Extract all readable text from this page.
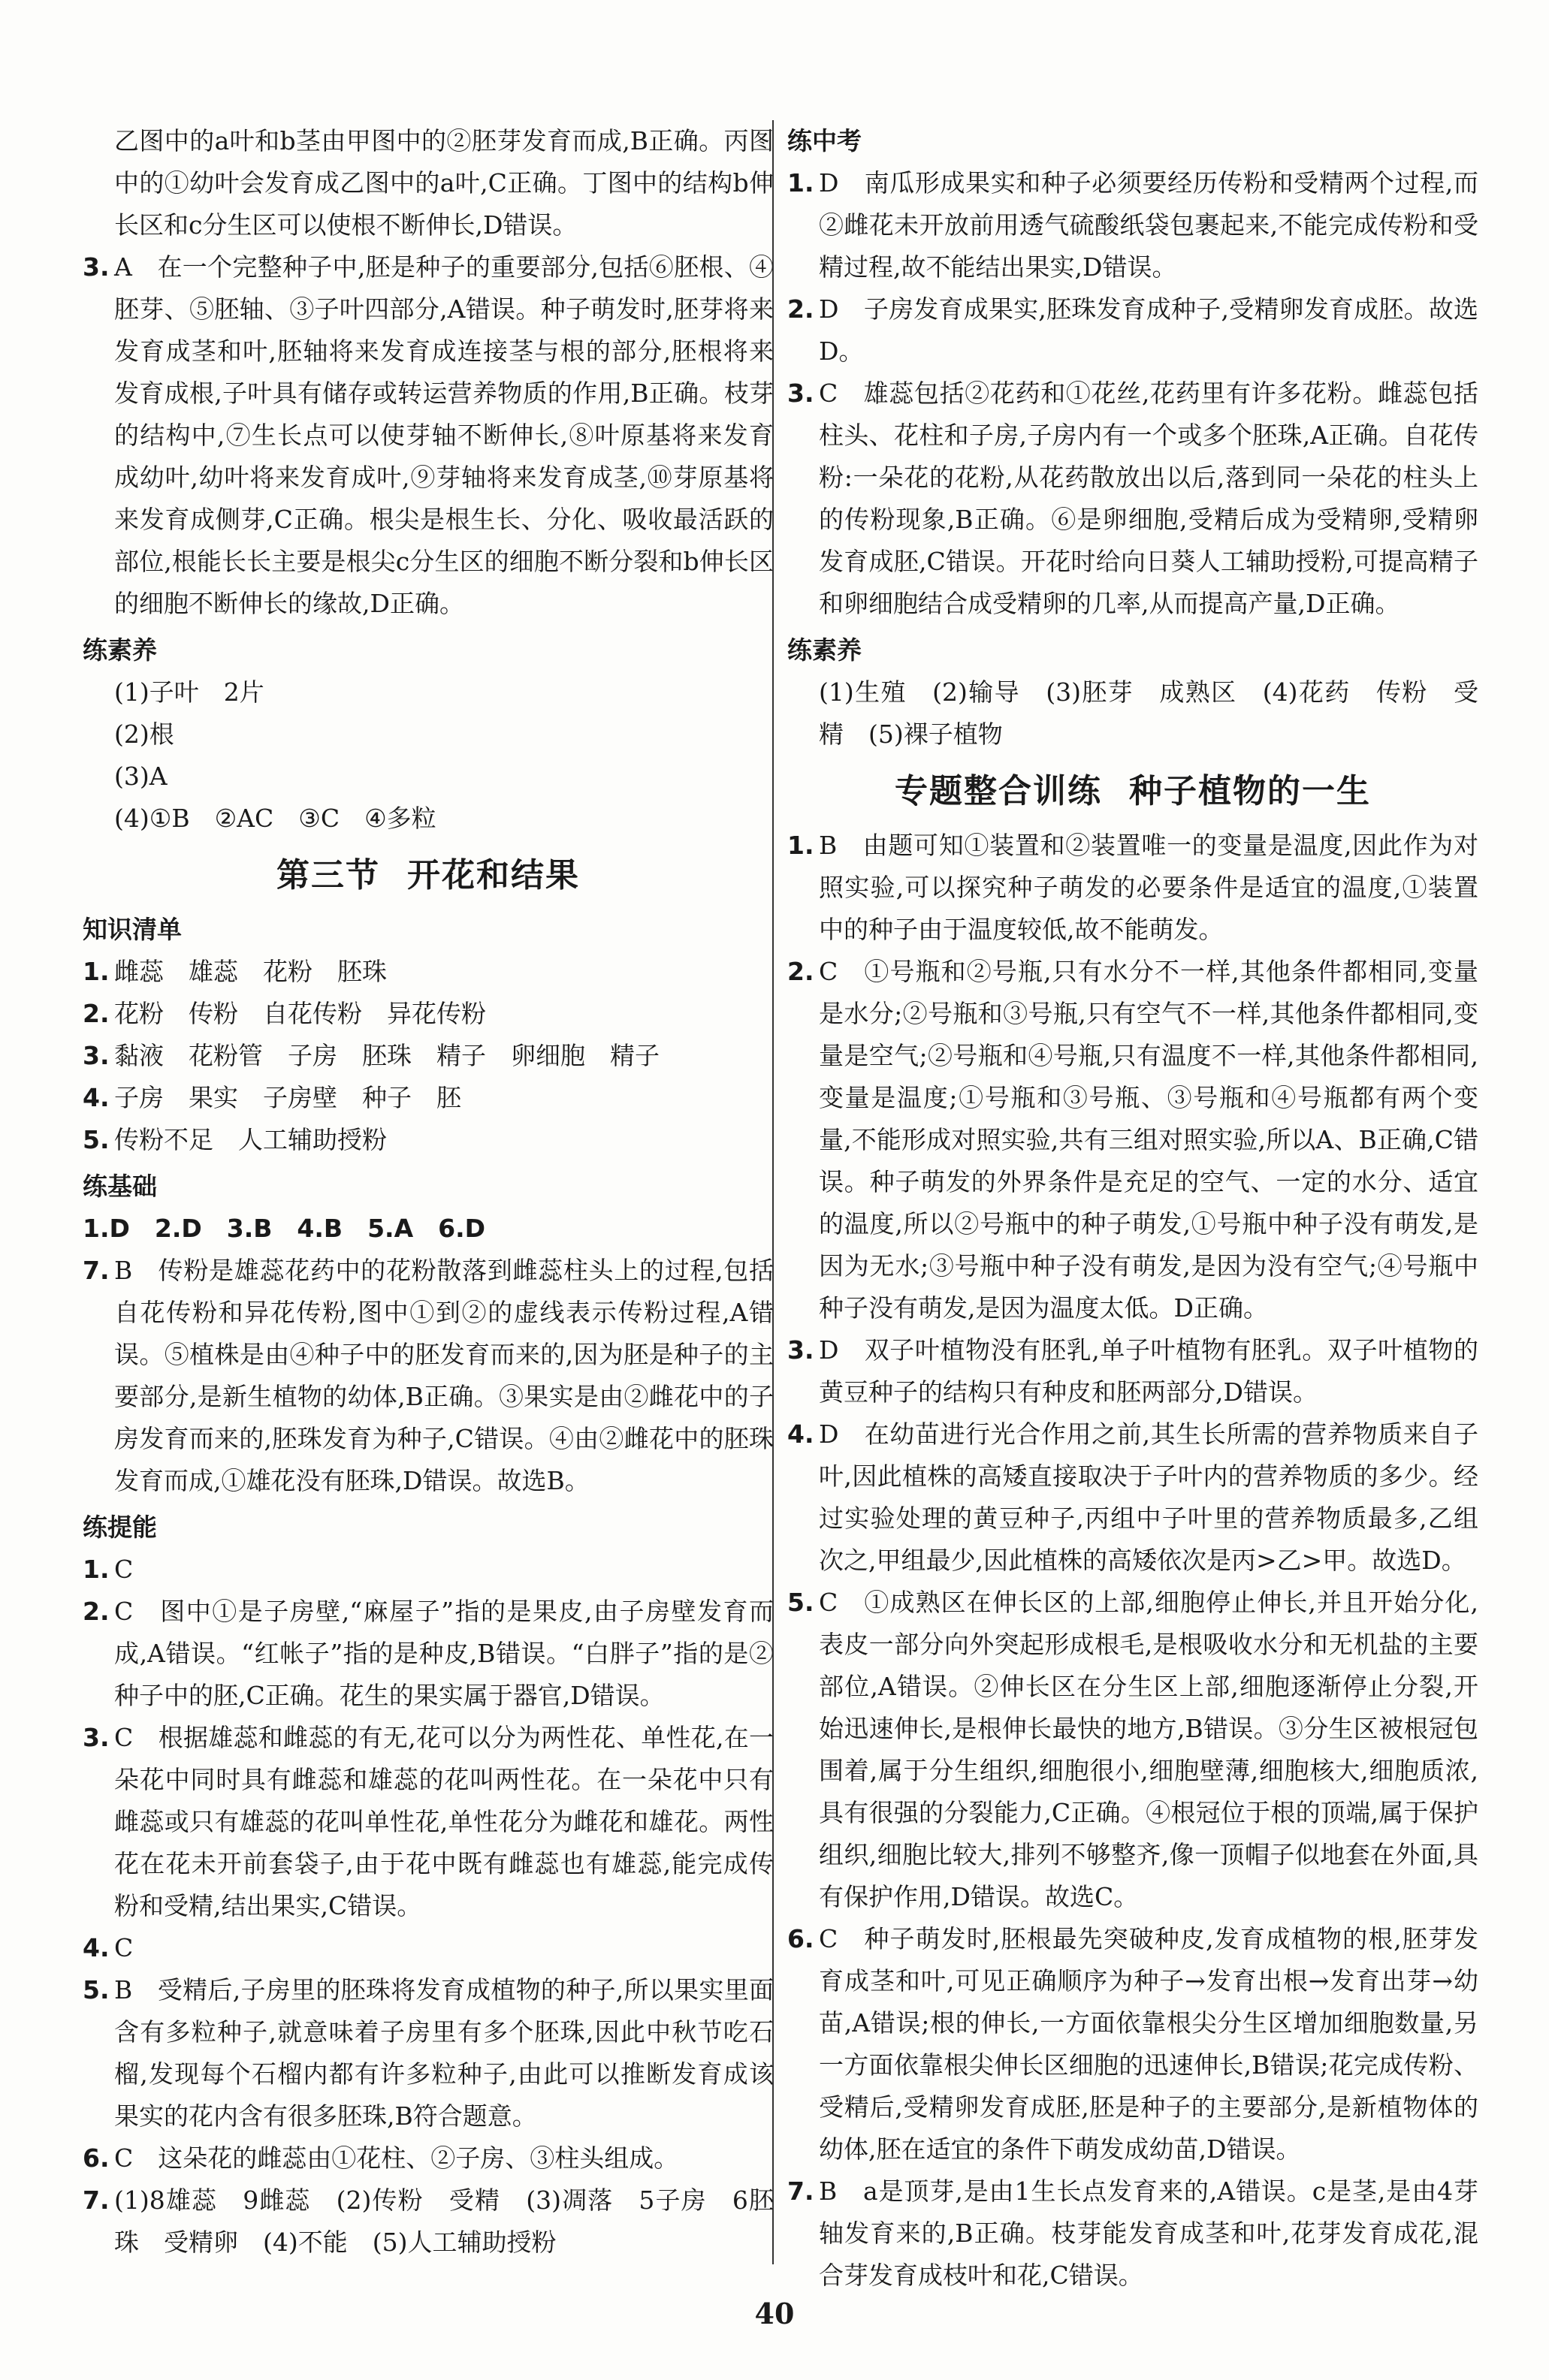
乙图中的a叶和b茎由甲图中的②胚芽发育而成,B正确。丙图中的①幼叶会发育成乙图中的a叶,C正确。丁图中的结构b伸长区和c分生区可以使根不断伸长,D错误。

3. A　在一个完整种子中,胚是种子的重要部分,包括⑥胚根、④胚芽、⑤胚轴、③子叶四部分,A错误。种子萌发时,胚芽将来发育成茎和叶,胚轴将来发育成连接茎与根的部分,胚根将来发育成根,子叶具有储存或转运营养物质的作用,B正确。枝芽的结构中,⑦生长点可以使芽轴不断伸长,⑧叶原基将来发育成幼叶,幼叶将来发育成叶,⑨芽轴将来发育成茎,⑩芽原基将来发育成侧芽,C正确。根尖是根生长、分化、吸收最活跃的部位,根能长长主要是根尖c分生区的细胞不断分裂和b伸长区的细胞不断伸长的缘故,D正确。
练素养

(1)子叶　2片

(2)根

(3)A

(4)①B　②AC　③C　④多粒

第三节 开花和结果
知识清单
1. 雌蕊　雄蕊　花粉　胚珠
2. 花粉　传粉　自花传粉　异花传粉
3. 黏液　花粉管　子房　胚珠　精子　卵细胞　精子
4. 子房　果实　子房壁　种子　胚
5. 传粉不足　人工辅助授粉
练基础

1.D　2.D　3.B　4.B　5.A　6.D

7. B　传粉是雄蕊花药中的花粉散落到雌蕊柱头上的过程,包括自花传粉和异花传粉,图中①到②的虚线表示传粉过程,A错误。⑤植株是由④种子中的胚发育而来的,因为胚是种子的主要部分,是新生植物的幼体,B正确。③果实是由②雌花中的子房发育而来的,胚珠发育为种子,C错误。④由②雌花中的胚珠发育而成,①雄花没有胚珠,D错误。故选B。
练提能
1. C
2. C　图中①是子房壁,“麻屋子”指的是果皮,由子房壁发育而成,A错误。“红帐子”指的是种皮,B错误。“白胖子”指的是②种子中的胚,C正确。花生的果实属于器官,D错误。
3. C　根据雄蕊和雌蕊的有无,花可以分为两性花、单性花,在一朵花中同时具有雌蕊和雄蕊的花叫两性花。在一朵花中只有雌蕊或只有雄蕊的花叫单性花,单性花分为雌花和雄花。两性花在花未开前套袋子,由于花中既有雌蕊也有雄蕊,能完成传粉和受精,结出果实,C错误。
4. C
5. B　受精后,子房里的胚珠将发育成植物的种子,所以果实里面含有多粒种子,就意味着子房里有多个胚珠,因此中秋节吃石榴,发现每个石榴内都有许多粒种子,由此可以推断发育成该果实的花内含有很多胚珠,B符合题意。
6. C　这朵花的雌蕊由①花柱、②子房、③柱头组成。
7. (1)8雄蕊　9雌蕊　(2)传粉　受精　(3)凋落　5子房　6胚珠　受精卵　(4)不能　(5)人工辅助授粉
练中考
1. D　南瓜形成果实和种子必须要经历传粉和受精两个过程,而②雌花未开放前用透气硫酸纸袋包裹起来,不能完成传粉和受精过程,故不能结出果实,D错误。
2. D　子房发育成果实,胚珠发育成种子,受精卵发育成胚。故选D。
3. C　雄蕊包括②花药和①花丝,花药里有许多花粉。雌蕊包括柱头、花柱和子房,子房内有一个或多个胚珠,A正确。自花传粉:一朵花的花粉,从花药散放出以后,落到同一朵花的柱头上的传粉现象,B正确。⑥是卵细胞,受精后成为受精卵,受精卵发育成胚,C错误。开花时给向日葵人工辅助授粉,可提高精子和卵细胞结合成受精卵的几率,从而提高产量,D正确。
练素养

(1)生殖　(2)输导　(3)胚芽　成熟区　(4)花药　传粉　受精　(5)裸子植物

专题整合训练 种子植物的一生
1. B　由题可知①装置和②装置唯一的变量是温度,因此作为对照实验,可以探究种子萌发的必要条件是适宜的温度,①装置中的种子由于温度较低,故不能萌发。
2. C　①号瓶和②号瓶,只有水分不一样,其他条件都相同,变量是水分;②号瓶和③号瓶,只有空气不一样,其他条件都相同,变量是空气;②号瓶和④号瓶,只有温度不一样,其他条件都相同,变量是温度;①号瓶和③号瓶、③号瓶和④号瓶都有两个变量,不能形成对照实验,共有三组对照实验,所以A、B正确,C错误。种子萌发的外界条件是充足的空气、一定的水分、适宜的温度,所以②号瓶中的种子萌发,①号瓶中种子没有萌发,是因为无水;③号瓶中种子没有萌发,是因为没有空气;④号瓶中种子没有萌发,是因为温度太低。D正确。
3. D　双子叶植物没有胚乳,单子叶植物有胚乳。双子叶植物的黄豆种子的结构只有种皮和胚两部分,D错误。
4. D　在幼苗进行光合作用之前,其生长所需的营养物质来自子叶,因此植株的高矮直接取决于子叶内的营养物质的多少。经过实验处理的黄豆种子,丙组中子叶里的营养物质最多,乙组次之,甲组最少,因此植株的高矮依次是丙>乙>甲。故选D。
5. C　①成熟区在伸长区的上部,细胞停止伸长,并且开始分化,表皮一部分向外突起形成根毛,是根吸收水分和无机盐的主要部位,A错误。②伸长区在分生区上部,细胞逐渐停止分裂,开始迅速伸长,是根伸长最快的地方,B错误。③分生区被根冠包围着,属于分生组织,细胞很小,细胞壁薄,细胞核大,细胞质浓,具有很强的分裂能力,C正确。④根冠位于根的顶端,属于保护组织,细胞比较大,排列不够整齐,像一顶帽子似地套在外面,具有保护作用,D错误。故选C。
6. C　种子萌发时,胚根最先突破种皮,发育成植物的根,胚芽发育成茎和叶,可见正确顺序为种子→发育出根→发育出芽→幼苗,A错误;根的伸长,一方面依靠根尖分生区增加细胞数量,另一方面依靠根尖伸长区细胞的迅速伸长,B错误;花完成传粉、受精后,受精卵发育成胚,胚是种子的主要部分,是新植物体的幼体,胚在适宜的条件下萌发成幼苗,D错误。
7. B　a是顶芽,是由1生长点发育来的,A错误。c是茎,是由4芽轴发育来的,B正确。枝芽能发育成茎和叶,花芽发育成花,混合芽发育成枝叶和花,C错误。
40
